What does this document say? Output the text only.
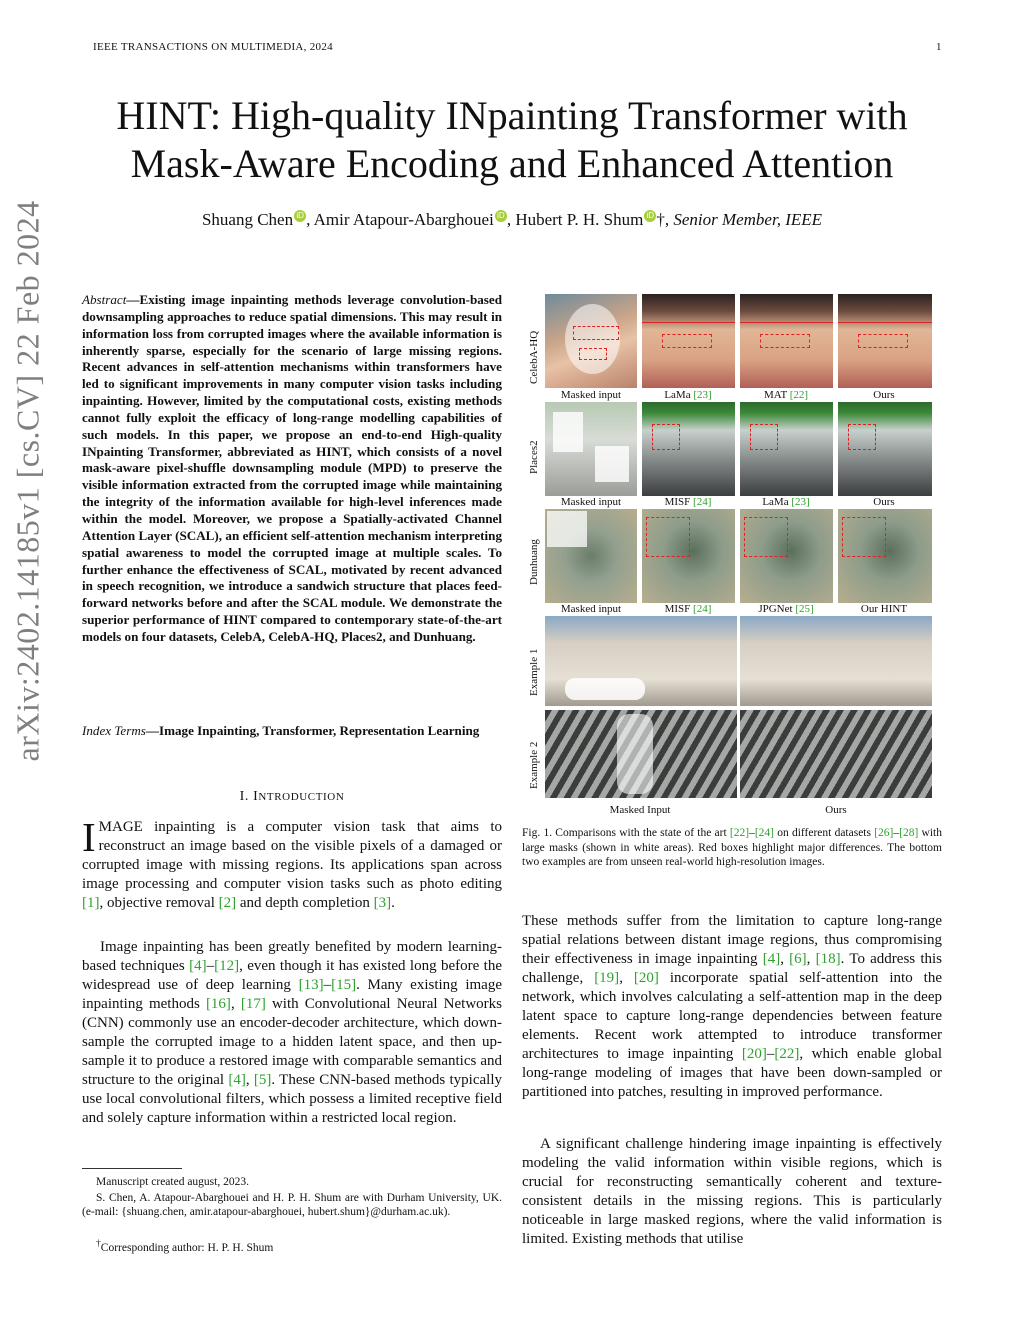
IEEE TRANSACTIONS ON MULTIMEDIA, 2024	1
HINT: High-quality INpainting Transformer with
Mask-Aware Encoding and Enhanced Attention
Shuang Chen iD , Amir Atapour-Abarghouei iD , Hubert P. H. Shum iD †, Senior Member, IEEE
arXiv:2402.14185v1 [cs.CV] 22 Feb 2024	Abstract—Existing image inpainting methods leverage convolution-based downsampling approaches to reduce spatial dimensions. This may result in information loss from corrupted images where the available information is inherently sparse, especially for the scenario of large missing regions. Recent advances in self-attention mechanisms within transformers have led to significant improvements in many computer vision tasks including inpainting. However, limited by the computational costs, existing methods cannot fully exploit the efficacy of long-range modelling capabilities of such models. In this paper, we propose an end-to-end High-quality INpainting Transformer, abbreviated as HINT, which consists of a novel mask-aware pixel-shuffle downsampling module (MPD) to preserve the visible information extracted from the corrupted image while maintaining the integrity of the information available for high-level inferences made within the model. Moreover, we propose a Spatially-activated Channel Attention Layer (SCAL), an efficient self-attention mechanism interpreting spatial awareness to model the corrupted image at multiple scales. To further enhance the effectiveness of SCAL, motivated by recent advanced in speech recognition, we introduce a sandwich structure that places feed-forward networks before and after the SCAL module. We demonstrate the superior performance of HINT compared to contemporary state-of-the-art models on four datasets, CelebA, CelebA-HQ, Places2, and Dunhuang.
Index Terms—Image Inpainting, Transformer, Representation Learning
I. INTRODUCTION
IMAGE inpainting is a computer vision task that aims to reconstruct an image based on the visible pixels of a damaged or corrupted image with missing regions. Its applications span across image processing and computer vision tasks such as photo editing [1], objective removal [2] and depth completion [3].
Image inpainting has been greatly benefited by modern learning-based techniques [4]–[12], even though it has existed long before the widespread use of deep learning [13]–[15]. Many existing image inpainting methods [16], [17] with Convolutional Neural Networks (CNN) commonly use an encoder-decoder architecture, which down-sample the corrupted image to a hidden latent space, and then up-sample it to produce a restored image with comparable semantics and structure to the original [4], [5]. These CNN-based methods typically use local convolutional filters, which possess a limited receptive field and solely capture information within a restricted local region.
Manuscript created august, 2023.
S. Chen, A. Atapour-Abarghouei and H. P. H. Shum are with Durham University, UK. (e-mail: {shuang.chen, amir.atapour-abarghouei, hubert.shum}@durham.ac.uk).
†Corresponding author: H. P. H. Shum
CelebA-HQ
Places2
Dunhuang
Example 1
Example 2
Masked input	LaMa [23]	MAT [22]	Ours
Masked input	MISF [24]	LaMa [23]	Ours
Masked input	MISF [24]	JPGNet [25]	Our HINT
Masked Input	Ours
Fig. 1. Comparisons with the state of the art [22]–[24] on different datasets [26]–[28] with large masks (shown in white areas). Red boxes highlight major differences. The bottom two examples are from unseen real-world high-resolution images.
These methods suffer from the limitation to capture long-range spatial relations between distant image regions, thus compromising their effectiveness in image inpainting [4], [6], [18]. To address this challenge, [19], [20] incorporate spatial self-attention into the network, which involves calculating a self-attention map in the deep latent space to capture long-range dependencies between feature elements. Recent work attempted to introduce transformer architectures to image inpainting [20]–[22], which enable global long-range modeling of images that have been down-sampled or partitioned into patches, resulting in improved performance.
A significant challenge hindering image inpainting is effectively modeling the valid information within visible regions, which is crucial for reconstructing semantically coherent and texture-consistent details in the missing regions. This is particularly noticeable in large masked regions, where the valid information is limited. Existing methods that utilise
